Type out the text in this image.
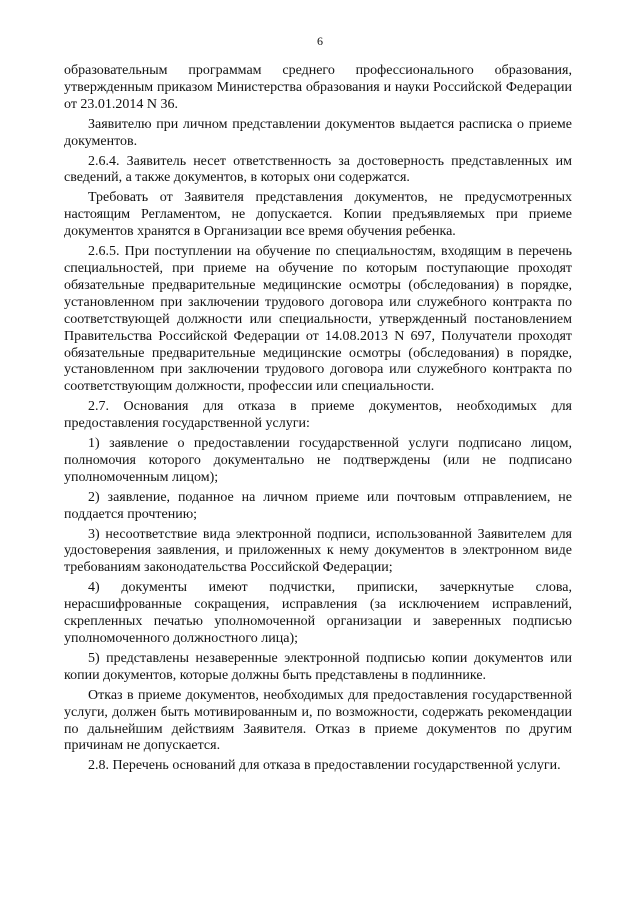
6

образовательным программам среднего профессионального образования, утвержденным приказом Министерства образования и науки Российской Федерации от 23.01.2014 N 36.

Заявителю при личном представлении документов выдается расписка о приеме документов.

2.6.4. Заявитель несет ответственность за достоверность представленных им сведений, а также документов, в которых они содержатся.

Требовать от Заявителя представления документов, не предусмотренных настоящим Регламентом, не допускается. Копии предъявляемых при приеме документов хранятся в Организации все время обучения ребенка.

2.6.5. При поступлении на обучение по специальностям, входящим в перечень специальностей, при приеме на обучение по которым поступающие проходят обязательные предварительные медицинские осмотры (обследования) в порядке, установленном при заключении трудового договора или служебного контракта по соответствующей должности или специальности, утвержденный постановлением Правительства Российской Федерации от 14.08.2013 N 697, Получатели проходят обязательные предварительные медицинские осмотры (обследования) в порядке, установленном при заключении трудового договора или служебного контракта по соответствующим должности, профессии или специальности.

2.7. Основания для отказа в приеме документов, необходимых для предоставления государственной услуги:

1) заявление о предоставлении государственной услуги подписано лицом, полномочия которого документально не подтверждены (или не подписано уполномоченным лицом);

2) заявление, поданное на личном приеме или почтовым отправлением, не поддается прочтению;

3) несоответствие вида электронной подписи, использованной Заявителем для удостоверения заявления, и приложенных к нему документов в электронном виде требованиям законодательства Российской Федерации;

4) документы имеют подчистки, приписки, зачеркнутые слова, нерасшифрованные сокращения, исправления (за исключением исправлений, скрепленных печатью уполномоченной организации и заверенных подписью уполномоченного должностного лица);

5) представлены незаверенные электронной подписью копии документов или копии документов, которые должны быть представлены в подлиннике.

Отказ в приеме документов, необходимых для предоставления государственной услуги, должен быть мотивированным и, по возможности, содержать рекомендации по дальнейшим действиям Заявителя. Отказ в приеме документов по другим причинам не допускается.

2.8. Перечень оснований для отказа в предоставлении государственной услуги.
